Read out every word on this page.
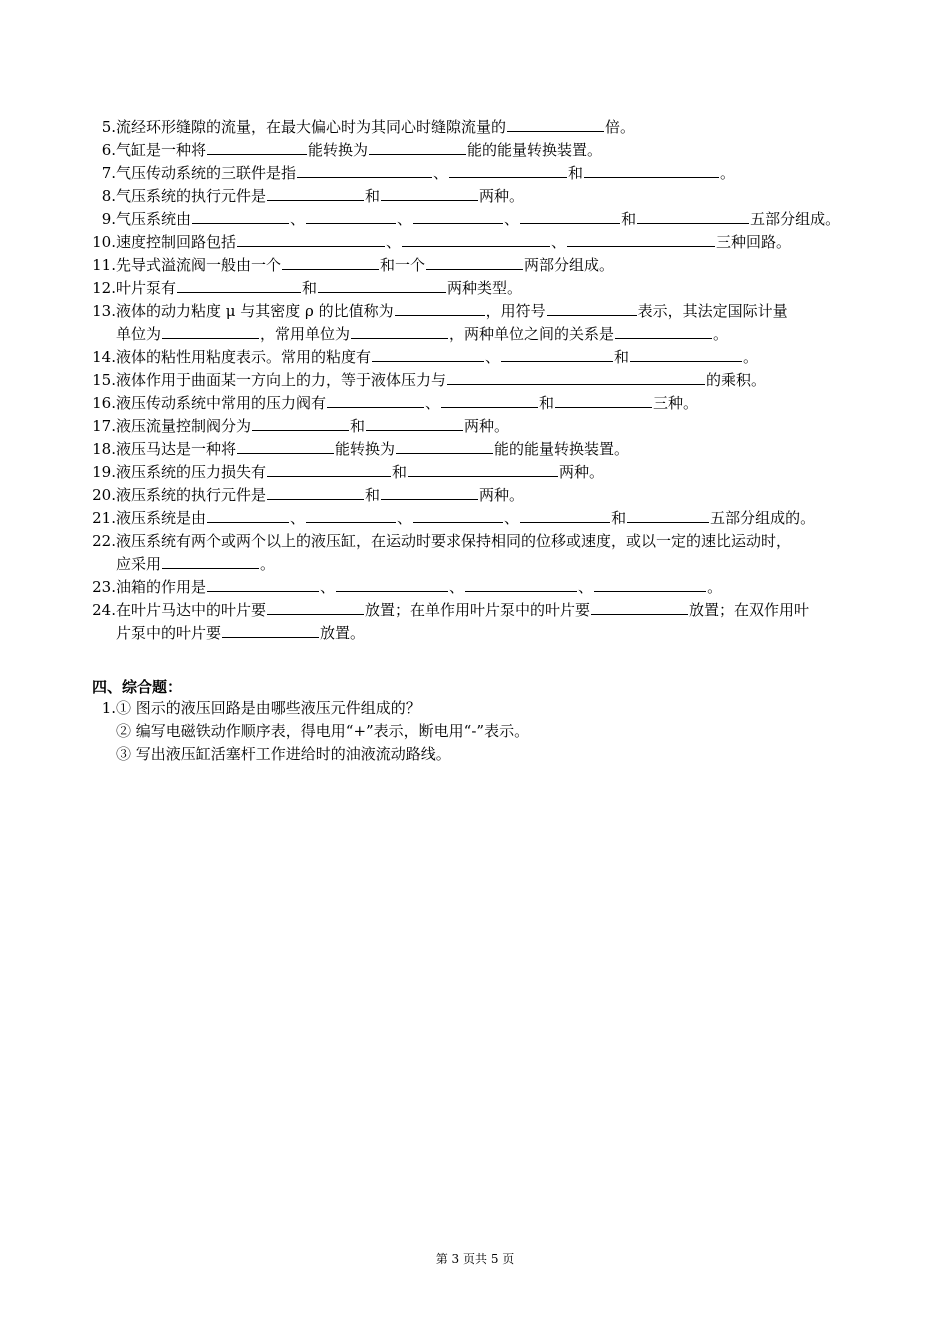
5.流经环形缝隙的流量，在最大偏心时为其同心时缝隙流量的	倍。
6.气缸是一种将	能转换为	能的能量转换装置。
7.气压传动系统的三联件是指	、	和	。
8.气压系统的执行元件是	和	两种。
9.气压系统由	、	、	、	和	五部分组成。
10.速度控制回路包括	、	、	三种回路。
11.先导式溢流阀一般由一个	和一个	两部分组成。
12.叶片泵有	和	两种类型。
13.液体的动力粘度 μ 与其密度 ρ 的比值称为	，用符号	表示，其法定国际计量
单位为	，常用单位为	，两种单位之间的关系是	。
14.液体的粘性用粘度表示。常用的粘度有	、	和	。
15.液体作用于曲面某一方向上的力，等于液体压力与	的乘积。
16.液压传动系统中常用的压力阀有	、	和	三种。
17.液压流量控制阀分为	和	两种。
18.液压马达是一种将	能转换为	能的能量转换装置。
19.液压系统的压力损失有	和	两种。
20.液压系统的执行元件是	和	两种。
21.液压系统是由	、	、	、	和	五部分组成的。
22.液压系统有两个或两个以上的液压缸，在运动时要求保持相同的位移或速度，或以一定的速比运动时，
应采用	。
23.油箱的作用是	、	、	、	。
24.在叶片马达中的叶片要	放置；在单作用叶片泵中的叶片要	放置；在双作用叶
片泵中的叶片要	放置。
四、综合题：
1.① 图示的液压回路是由哪些液压元件组成的？
② 编写电磁铁动作顺序表，得电用“+”表示，断电用“-”表示。
③ 写出液压缸活塞杆工作进给时的油液流动路线。
第 3 页共 5 页
